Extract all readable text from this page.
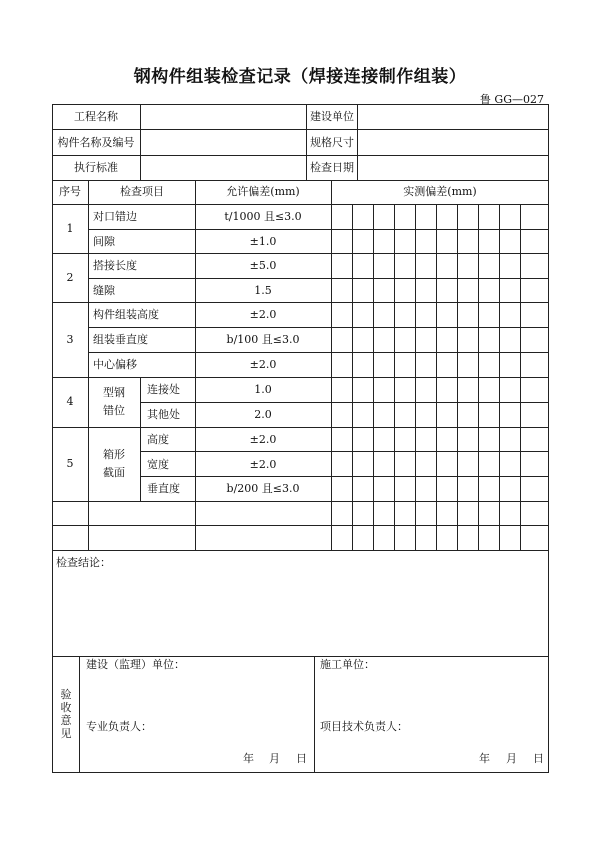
钢构件组装检查记录（焊接连接制作组装）
鲁 GG—027
工程名称	建设单位
构件名称及编号	规格尺寸
执行标准	检查日期
序号	检查项目	允许偏差(mm)	实测偏差(mm)
1
对口错边	t/1000 且≤3.0
间隙	±1.0
2
搭接长度	±5.0
缝隙	1.5
3
构件组装高度	±2.0
组装垂直度	b/100 且≤3.0
中心偏移	±2.0
4
型钢
错位
连接处	1.0
其他处	2.0
5
箱形
截面
高度	±2.0
宽度	±2.0
垂直度	b/200 且≤3.0
检查结论：
验
收
意
见
建设（监理）单位：
专业负责人：
年 月 日
施工单位：
项目技术负责人：
年 月 日
